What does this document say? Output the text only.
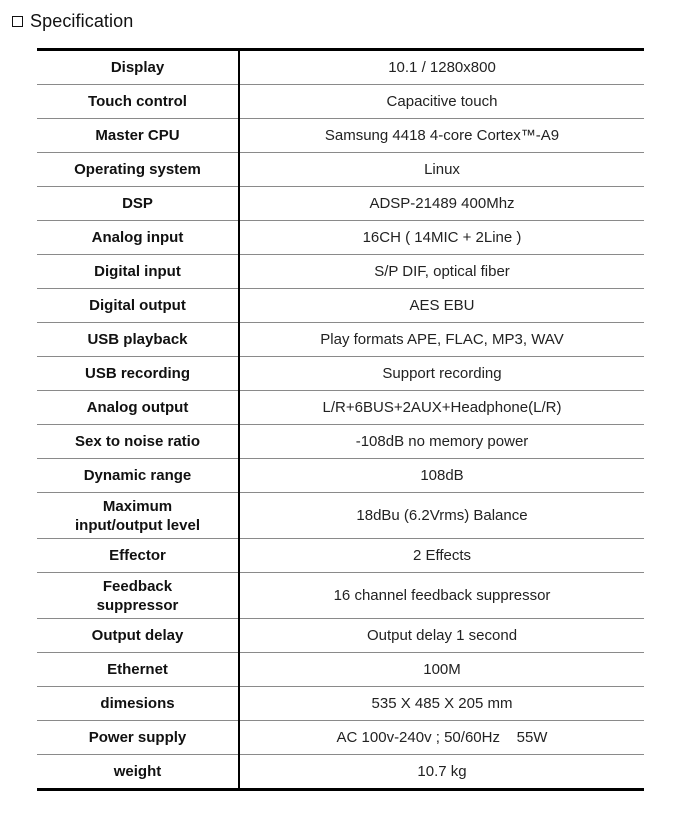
Specification
Display	10.1 / 1280x800
Touch control	Capacitive touch
Master CPU	Samsung 4418 4-core Cortex™-A9
Operating system	Linux
DSP	ADSP-21489 400Mhz
Analog input	16CH ( 14MIC + 2Line )
Digital input	S/P DIF, optical fiber
Digital output	AES EBU
USB playback	Play formats APE, FLAC, MP3, WAV
USB recording	Support recording
Analog output	L/R+6BUS+2AUX+Headphone(L/R)
Sex to noise ratio	-108dB no memory power
Dynamic range	108dB
Maximum
input/output level	18dBu (6.2Vrms) Balance
Effector	2 Effects
Feedback
suppressor	16 channel feedback suppressor
Output delay	Output delay 1 second
Ethernet	100M
dimesions	535 X 485 X 205 mm
Power supply	AC 100v-240v ; 50/60Hz    55W
weight	10.7 kg
